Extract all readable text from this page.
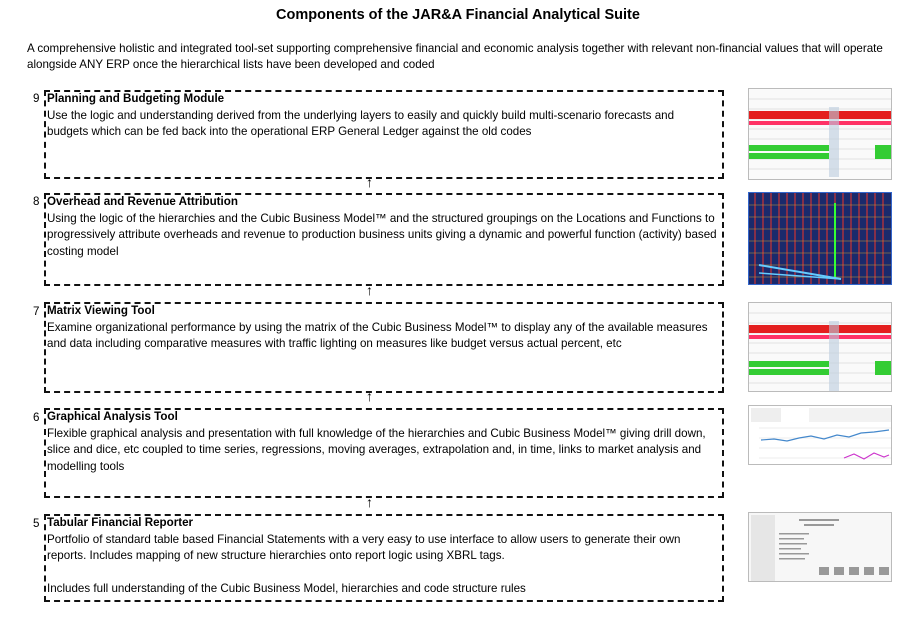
Components of the JAR&A Financial Analytical Suite
A comprehensive holistic and integrated tool-set supporting comprehensive financial and economic analysis together with relevant non-financial values that will operate alongside ANY ERP once the hierarchical lists have been developed and coded
9 Planning and Budgeting Module
Use the logic and understanding derived from the underlying layers to easily and quickly build multi-scenario forecasts and budgets which can be fed back into the operational ERP General Ledger against the old codes
↑
8 Overhead and Revenue Attribution
Using the logic of the hierarchies and the Cubic Business Model™ and the structured groupings on the Locations and Functions to progressively attribute overheads and revenue to production business units giving a dynamic and powerful function (activity) based costing model
↑
7 Matrix Viewing Tool
Examine organizational performance by using the matrix of the Cubic Business Model™ to display any of the available measures and data including comparative measures with traffic lighting on measures like budget versus actual percent, etc
↑
6 Graphical Analysis Tool
Flexible graphical analysis and presentation with full knowledge of the hierarchies and Cubic Business Model™ giving drill down, slice and dice, etc coupled to time series, regressions, moving averages, extrapolation and, in time, links to market analysis and modelling tools
↑
5 Tabular Financial Reporter
Portfolio of standard table based Financial Statements with a very easy to use interface to allow users to generate their own reports. Includes mapping of new structure hierarchies onto report logic using XBRL tags.
Includes full understanding of the Cubic Business Model, hierarchies and code structure rules
